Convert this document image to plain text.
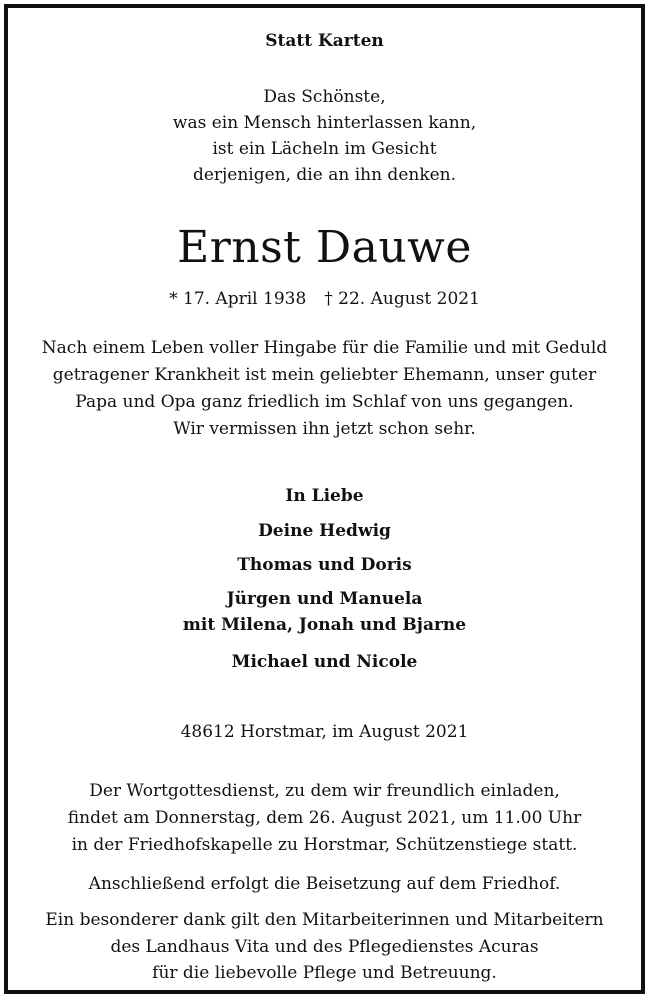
Statt Karten
Das Schönste,
was ein Mensch hinterlassen kann,
ist ein Lächeln im Gesicht
derjenigen, die an ihn denken.
Ernst Dauwe
* 17. April 1938 † 22. August 2021
Nach einem Leben voller Hingabe für die Familie und mit Geduld
getragener Krankheit ist mein geliebter Ehemann, unser guter
Papa und Opa ganz friedlich im Schlaf von uns gegangen.
Wir vermissen ihn jetzt schon sehr.
In Liebe
Deine Hedwig
Thomas und Doris
Jürgen und Manuela
mit Milena, Jonah und Bjarne
Michael und Nicole
48612 Horstmar, im August 2021
Der Wortgottesdienst, zu dem wir freundlich einladen,
findet am Donnerstag, dem 26. August 2021, um 11.00 Uhr
in der Friedhofskapelle zu Horstmar, Schützenstiege statt.
Anschließend erfolgt die Beisetzung auf dem Friedhof.
Ein besonderer dank gilt den Mitarbeiterinnen und Mitarbeitern
des Landhaus Vita und des Pflegedienstes Acuras
für die liebevolle Pflege und Betreuung.
